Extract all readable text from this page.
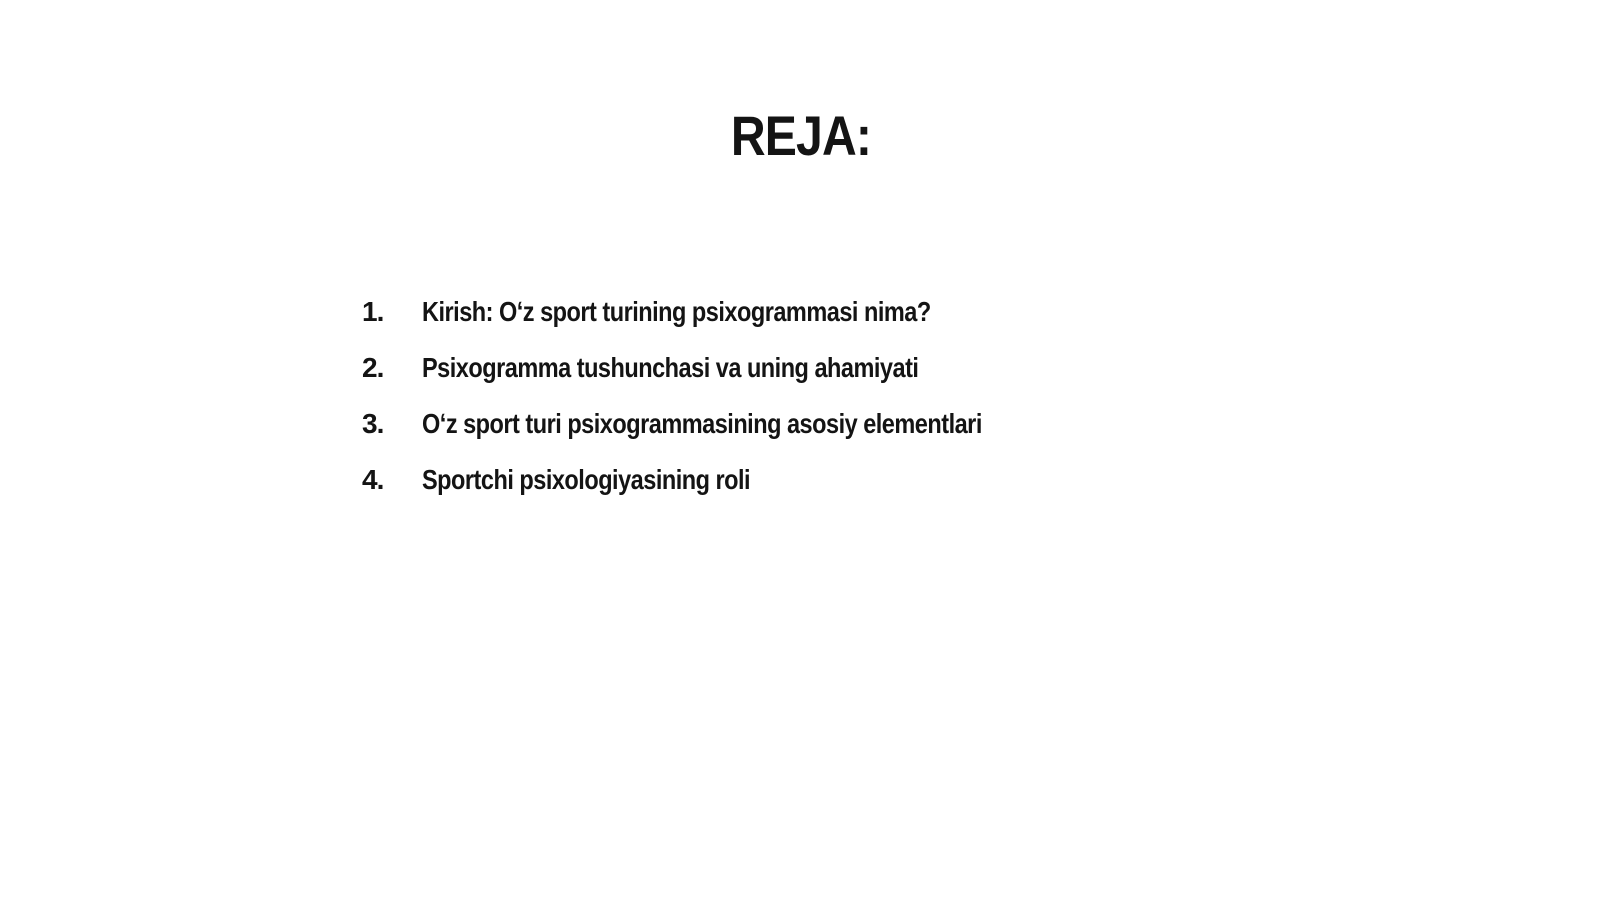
REJA:
1.	Kirish: Oʻz sport turining psixogrammasi nima?
2.	Psixogramma tushunchasi va uning ahamiyati
3.	Oʻz sport turi psixogrammasining asosiy elementlari
4.	Sportchi psixologiyasining roli
